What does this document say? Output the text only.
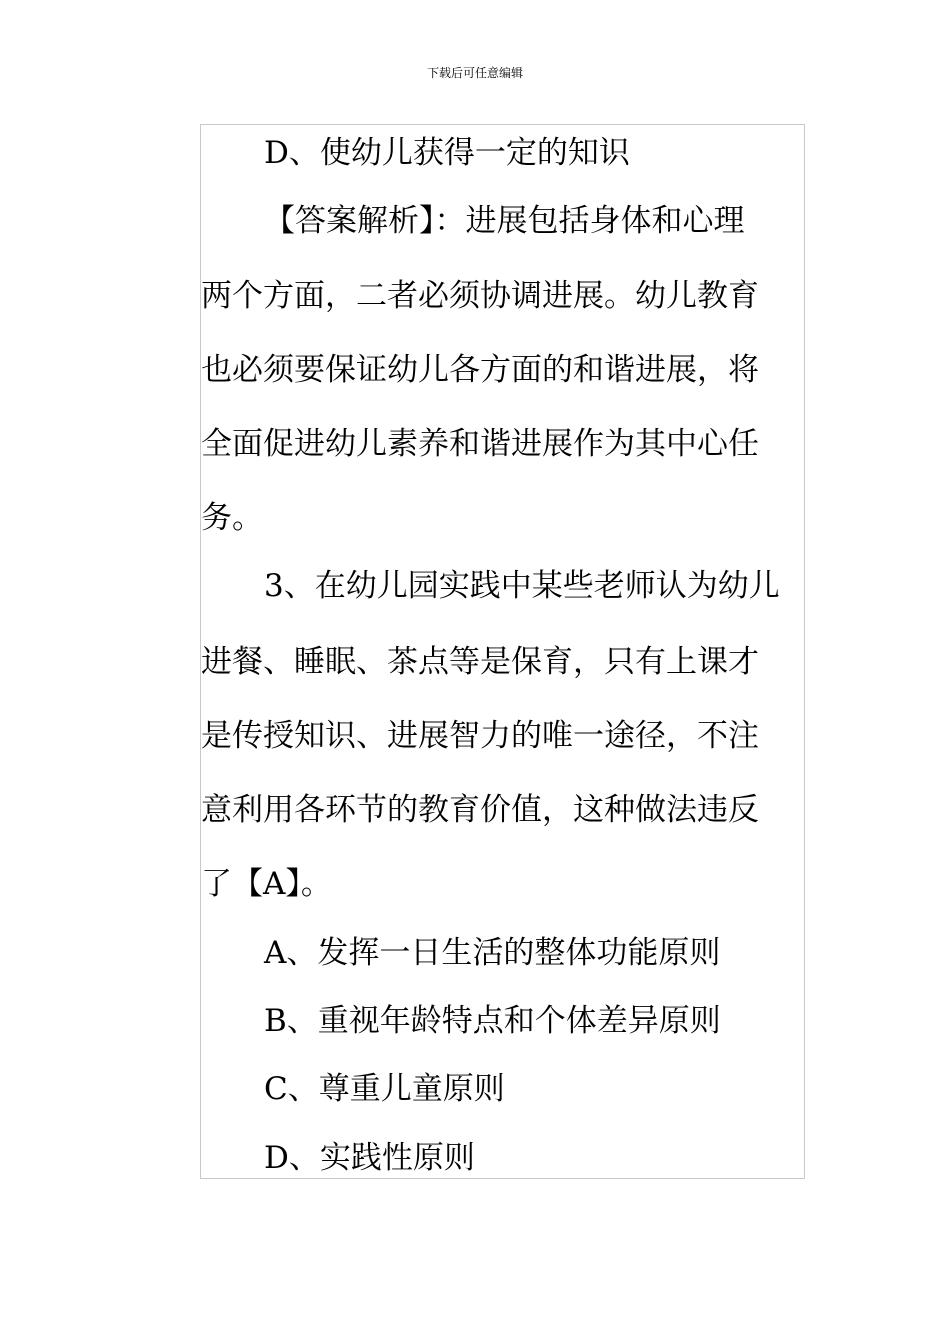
下载后可任意编辑
D、使幼儿获得一定的知识
【答案解析】：进展包括身体和心理
两个方面，二者必须协调进展。幼儿教育
也必须要保证幼儿各方面的和谐进展，将
全面促进幼儿素养和谐进展作为其中心任
务。
3、在幼儿园实践中某些老师认为幼儿
进餐、睡眠、茶点等是保育，只有上课才
是传授知识、进展智力的唯一途径，不注
意利用各环节的教育价值，这种做法违反
了【A】。
A、发挥一日生活的整体功能原则
B、重视年龄特点和个体差异原则
C、尊重儿童原则
D、实践性原则
